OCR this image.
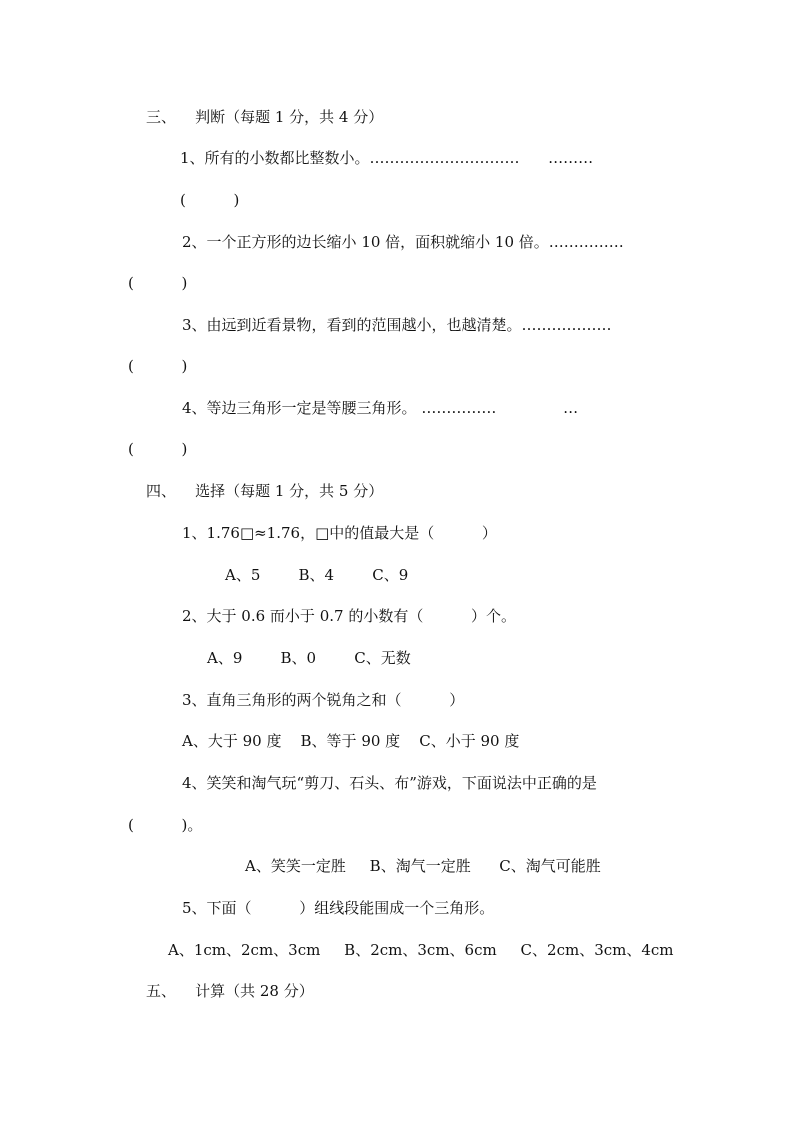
三、    判断（每题 1 分，共 4 分）
1、所有的小数都比整数小。…………………………      ………
(          )
2、一个正方形的边长缩小 10 倍，面积就缩小 10 倍。……………
(          )
3、由远到近看景物，看到的范围越小，也越清楚。………………
(          )
4、等边三角形一定是等腰三角形。 ……………              …
(          )
四、    选择（每题 1 分，共 5 分）
1、1.76□≈1.76，□中的值最大是（          ）
A、5        B、4        C、9
2、大于 0.6 而小于 0.7 的小数有（          ）个。
A、9        B、0        C、无数
3、直角三角形的两个锐角之和（          ）
A、大于 90 度    B、等于 90 度    C、小于 90 度
4、笑笑和淘气玩“剪刀、石头、布”游戏，下面说法中正确的是
(          )。
A、笑笑一定胜     B、淘气一定胜      C、淘气可能胜
5、下面（          ）组线段能围成一个三角形。
A、1cm、2cm、3cm     B、2cm、3cm、6cm     C、2cm、3cm、4cm
五、    计算（共 28 分）
